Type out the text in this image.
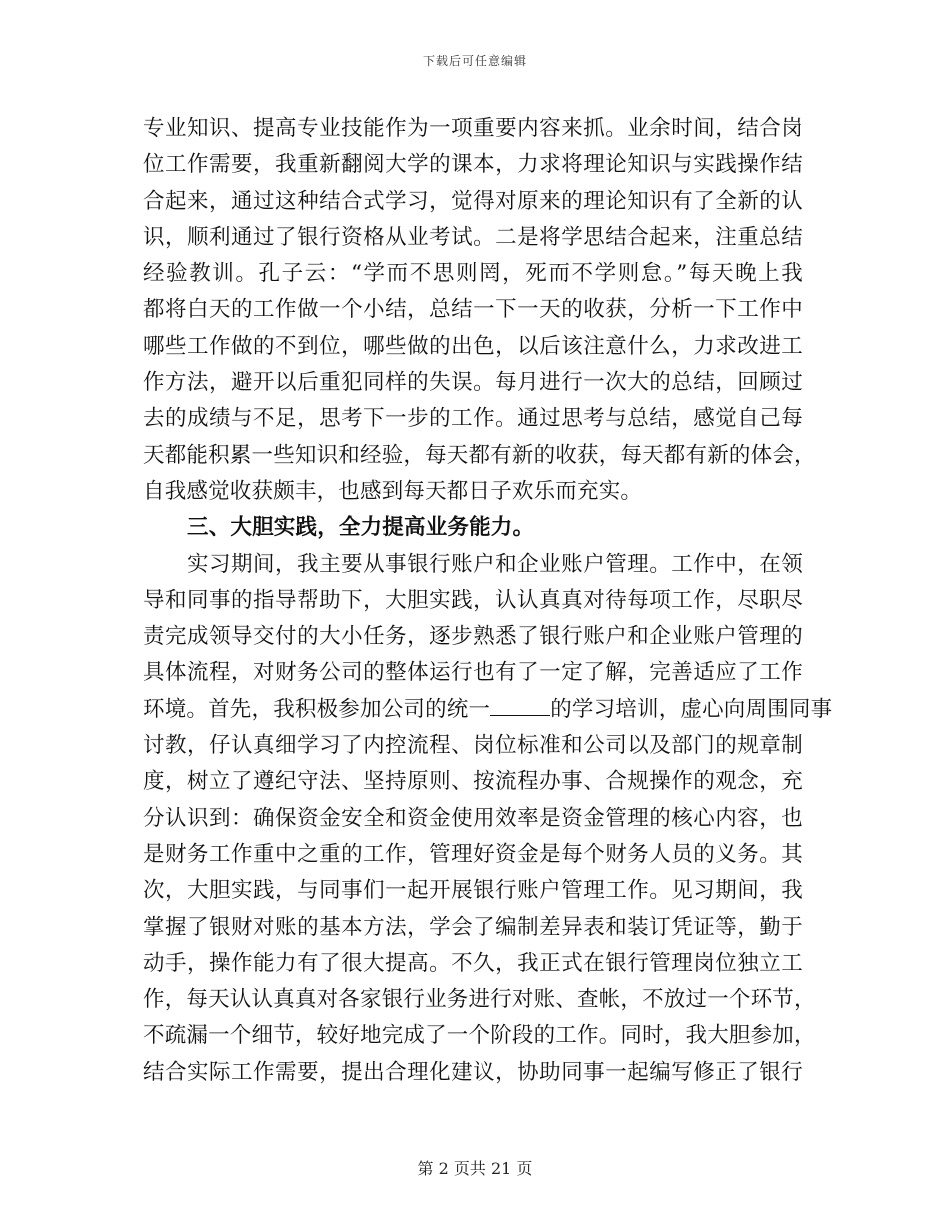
下载后可任意编辑
专业知识、提高专业技能作为一项重要内容来抓。业余时间，结合岗
位工作需要，我重新翻阅大学的课本，力求将理论知识与实践操作结
合起来，通过这种结合式学习，觉得对原来的理论知识有了全新的认
识，顺利通过了银行资格从业考试。二是将学思结合起来，注重总结
经验教训。孔子云：“学而不思则罔，死而不学则怠。”每天晚上我
都将白天的工作做一个小结，总结一下一天的收获，分析一下工作中
哪些工作做的不到位，哪些做的出色，以后该注意什么，力求改进工
作方法，避开以后重犯同样的失误。每月进行一次大的总结，回顾过
去的成绩与不足，思考下一步的工作。通过思考与总结，感觉自己每
天都能积累一些知识和经验，每天都有新的收获，每天都有新的体会，
自我感觉收获颇丰，也感到每天都日子欢乐而充实。
三、大胆实践，全力提高业务能力。
实习期间，我主要从事银行账户和企业账户管理。工作中，在领
导和同事的指导帮助下，大胆实践，认认真真对待每项工作，尽职尽
责完成领导交付的大小任务，逐步熟悉了银行账户和企业账户管理的
具体流程，对财务公司的整体运行也有了一定了解，完善适应了工作
环境。首先，我积极参加公司的统一	的学习培训，虚心向周围同事
讨教，仔认真细学习了内控流程、岗位标准和公司以及部门的规章制
度，树立了遵纪守法、坚持原则、按流程办事、合规操作的观念，充
分认识到：确保资金安全和资金使用效率是资金管理的核心内容，也
是财务工作重中之重的工作，管理好资金是每个财务人员的义务。其
次，大胆实践，与同事们一起开展银行账户管理工作。见习期间，我
掌握了银财对账的基本方法，学会了编制差异表和装订凭证等，勤于
动手，操作能力有了很大提高。不久，我正式在银行管理岗位独立工
作，每天认认真真对各家银行业务进行对账、查帐，不放过一个环节，
不疏漏一个细节，较好地完成了一个阶段的工作。同时，我大胆参加，
结合实际工作需要，提出合理化建议，协助同事一起编写修正了银行
第 2 页共 21 页
